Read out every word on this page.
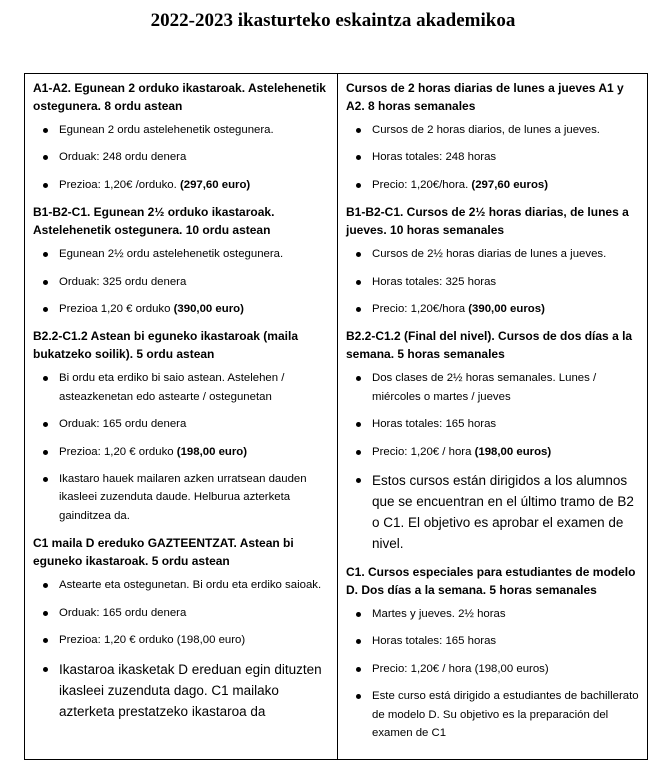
2022-2023 ikasturteko eskaintza akademikoa
A1-A2. Egunean 2 orduko ikastaroak. Astelehenetik ostegunera. 8 ordu astean
Egunean 2 ordu astelehenetik ostegunera.
Orduak: 248 ordu denera
Prezioa: 1,20€ /orduko. (297,60 euro)
B1-B2-C1. Egunean 2½ orduko ikastaroak. Astelehenetik ostegunera. 10 ordu astean
Egunean 2½ ordu astelehenetik ostegunera.
Orduak: 325 ordu denera
Prezioa 1,20 € orduko (390,00 euro)
B2.2-C1.2 Astean bi eguneko ikastaroak (maila bukatzeko soilik). 5 ordu astean
Bi ordu eta erdiko bi saio astean. Astelehen / asteazkenetan edo astearte / ostegunetan
Orduak: 165 ordu denera
Prezioa: 1,20 € orduko (198,00 euro)
Ikastaro hauek mailaren azken urratsean dauden ikasleei zuzenduta daude. Helburua azterketa gainditzea da.
C1 maila D ereduko GAZTEENTZAT. Astean bi eguneko ikastaroak. 5 ordu astean
Astearte eta ostegunetan. Bi ordu eta erdiko saioak.
Orduak: 165 ordu denera
Prezioa: 1,20 € orduko (198,00 euro)
Ikastaroa ikasketak D ereduan egin dituzten ikasleei zuzenduta dago. C1 mailako azterketa prestatzeko ikastaroa da
Cursos de 2 horas diarias de lunes a jueves A1 y A2. 8 horas semanales
Cursos de 2 horas diarios, de lunes a jueves.
Horas totales: 248 horas
Precio: 1,20€/hora. (297,60 euros)
B1-B2-C1. Cursos de 2½ horas diarias, de lunes a jueves. 10 horas semanales
Cursos de 2½ horas diarias de lunes a jueves.
Horas totales: 325 horas
Precio: 1,20€/hora (390,00 euros)
B2.2-C1.2 (Final del nivel). Cursos de dos días a la semana. 5 horas semanales
Dos clases de 2½ horas semanales. Lunes / miércoles o martes / jueves
Horas totales: 165 horas
Precio: 1,20€ / hora (198,00 euros)
Estos cursos están dirigidos a los alumnos que se encuentran en el último tramo de B2 o C1. El objetivo es aprobar el examen de nivel.
C1. Cursos especiales para estudiantes de modelo D. Dos días a la semana. 5 horas semanales
Martes y jueves. 2½ horas
Horas totales: 165 horas
Precio: 1,20€ / hora (198,00 euros)
Este curso está dirigido a estudiantes de bachillerato de modelo D. Su objetivo es la preparación del examen de C1
